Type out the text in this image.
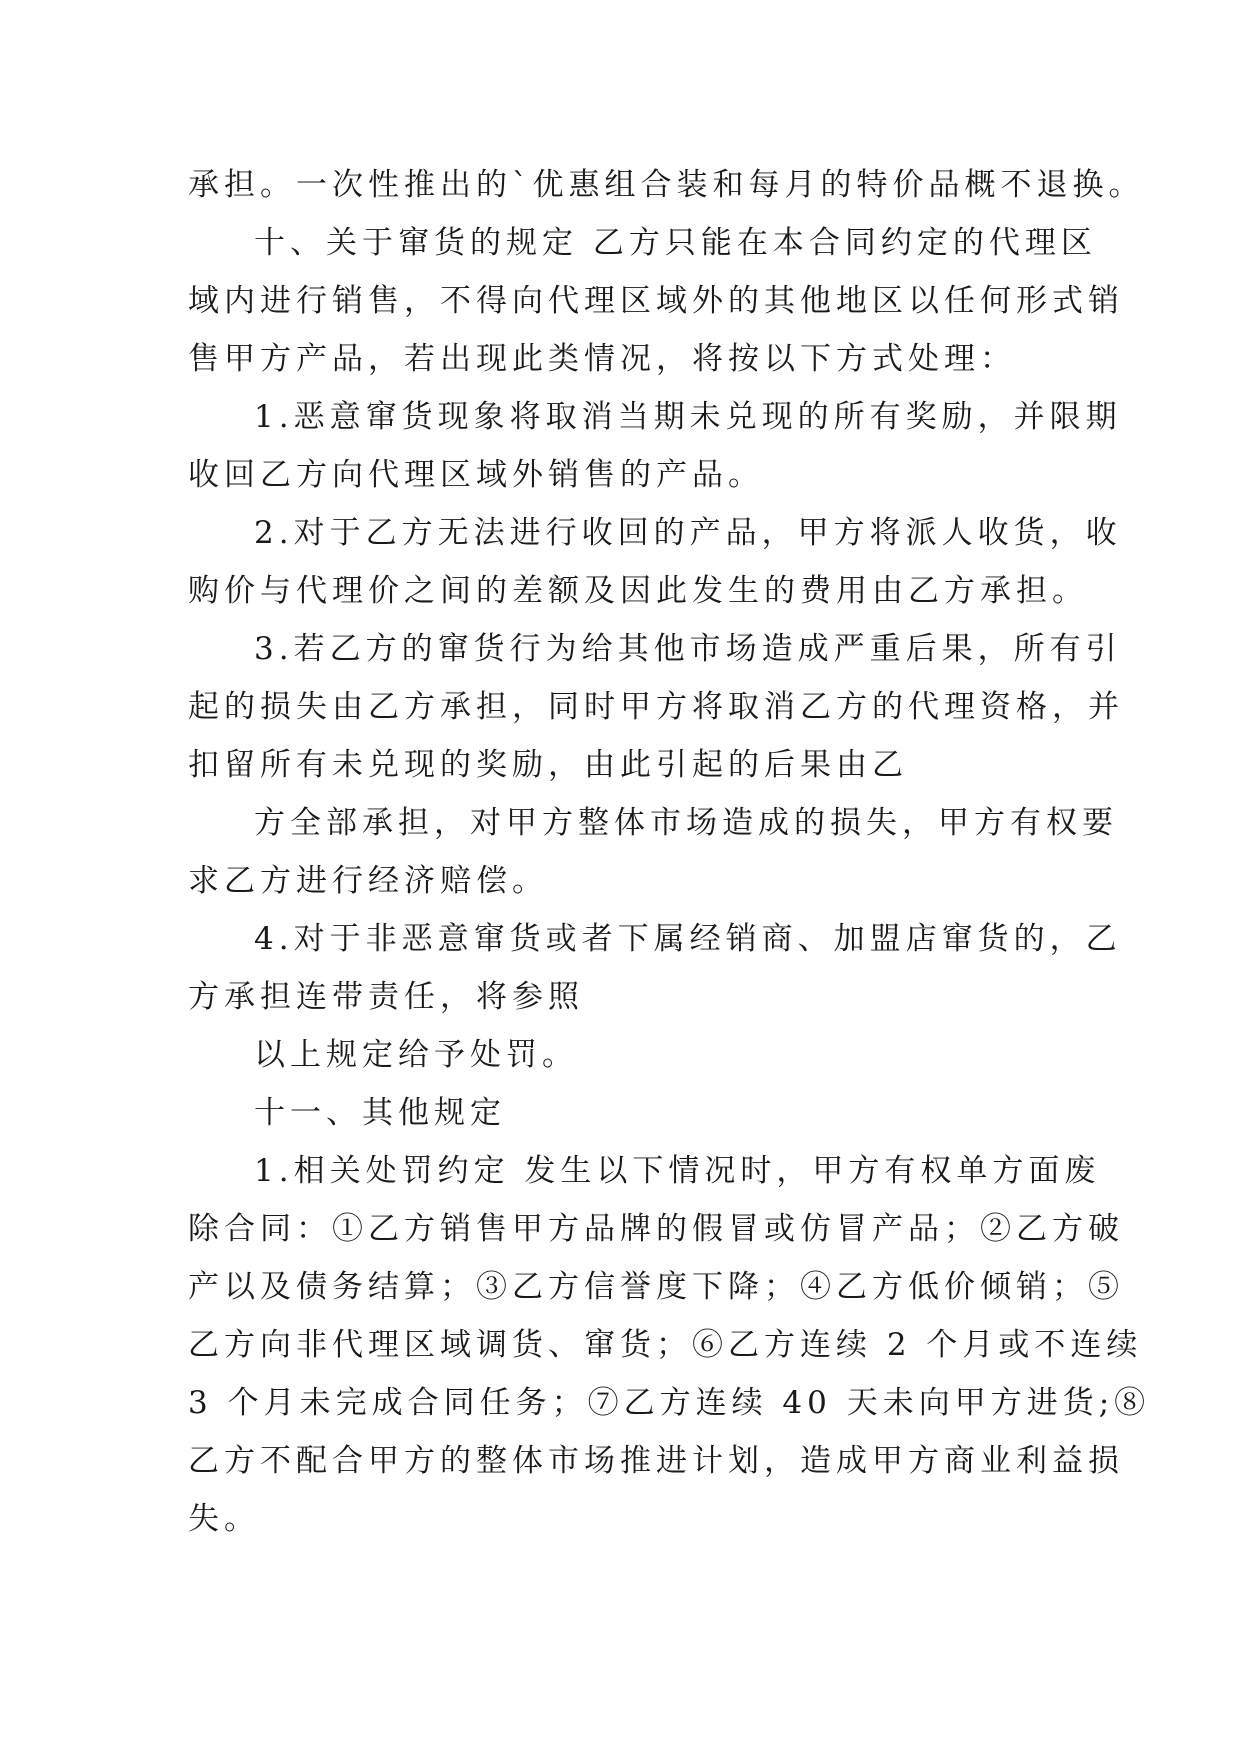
承担。一次性推出的`优惠组合装和每月的特价品概不退换。
十、关于窜货的规定 乙方只能在本合同约定的代理区
域内进行销售，不得向代理区域外的其他地区以任何形式销
售甲方产品，若出现此类情况，将按以下方式处理：
1.恶意窜货现象将取消当期未兑现的所有奖励，并限期
收回乙方向代理区域外销售的产品。
2.对于乙方无法进行收回的产品，甲方将派人收货，收
购价与代理价之间的差额及因此发生的费用由乙方承担。
3.若乙方的窜货行为给其他市场造成严重后果，所有引
起的损失由乙方承担，同时甲方将取消乙方的代理资格，并
扣留所有未兑现的奖励，由此引起的后果由乙
方全部承担，对甲方整体市场造成的损失，甲方有权要
求乙方进行经济赔偿。
4.对于非恶意窜货或者下属经销商、加盟店窜货的，乙
方承担连带责任，将参照
以上规定给予处罚。
十一、其他规定
1.相关处罚约定 发生以下情况时，甲方有权单方面废
除合同：①乙方销售甲方品牌的假冒或仿冒产品；②乙方破
产以及债务结算；③乙方信誉度下降；④乙方低价倾销；⑤
乙方向非代理区域调货、窜货；⑥乙方连续 2 个月或不连续
3 个月未完成合同任务；⑦乙方连续 40 天未向甲方进货;⑧
乙方不配合甲方的整体市场推进计划，造成甲方商业利益损
失。
